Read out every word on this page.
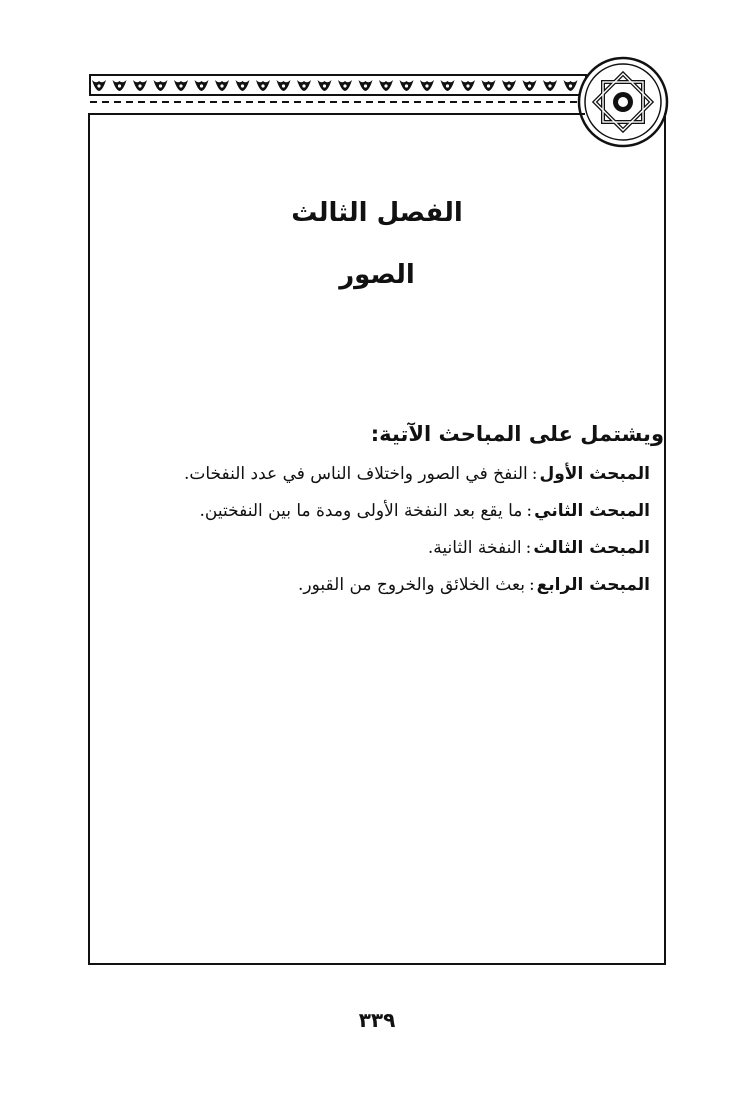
الفصل الثالث
الصور

ويشتمل على المباحث الآتية:

المبحث الأول:النفخ في الصور واختلاف الناس في عدد النفخات.
المبحث الثاني:ما يقع بعد النفخة الأولى ومدة ما بين النفختين.
المبحث الثالث:النفخة الثانية.
المبحث الرابع:بعث الخلائق والخروج من القبور.
٣٣٩
